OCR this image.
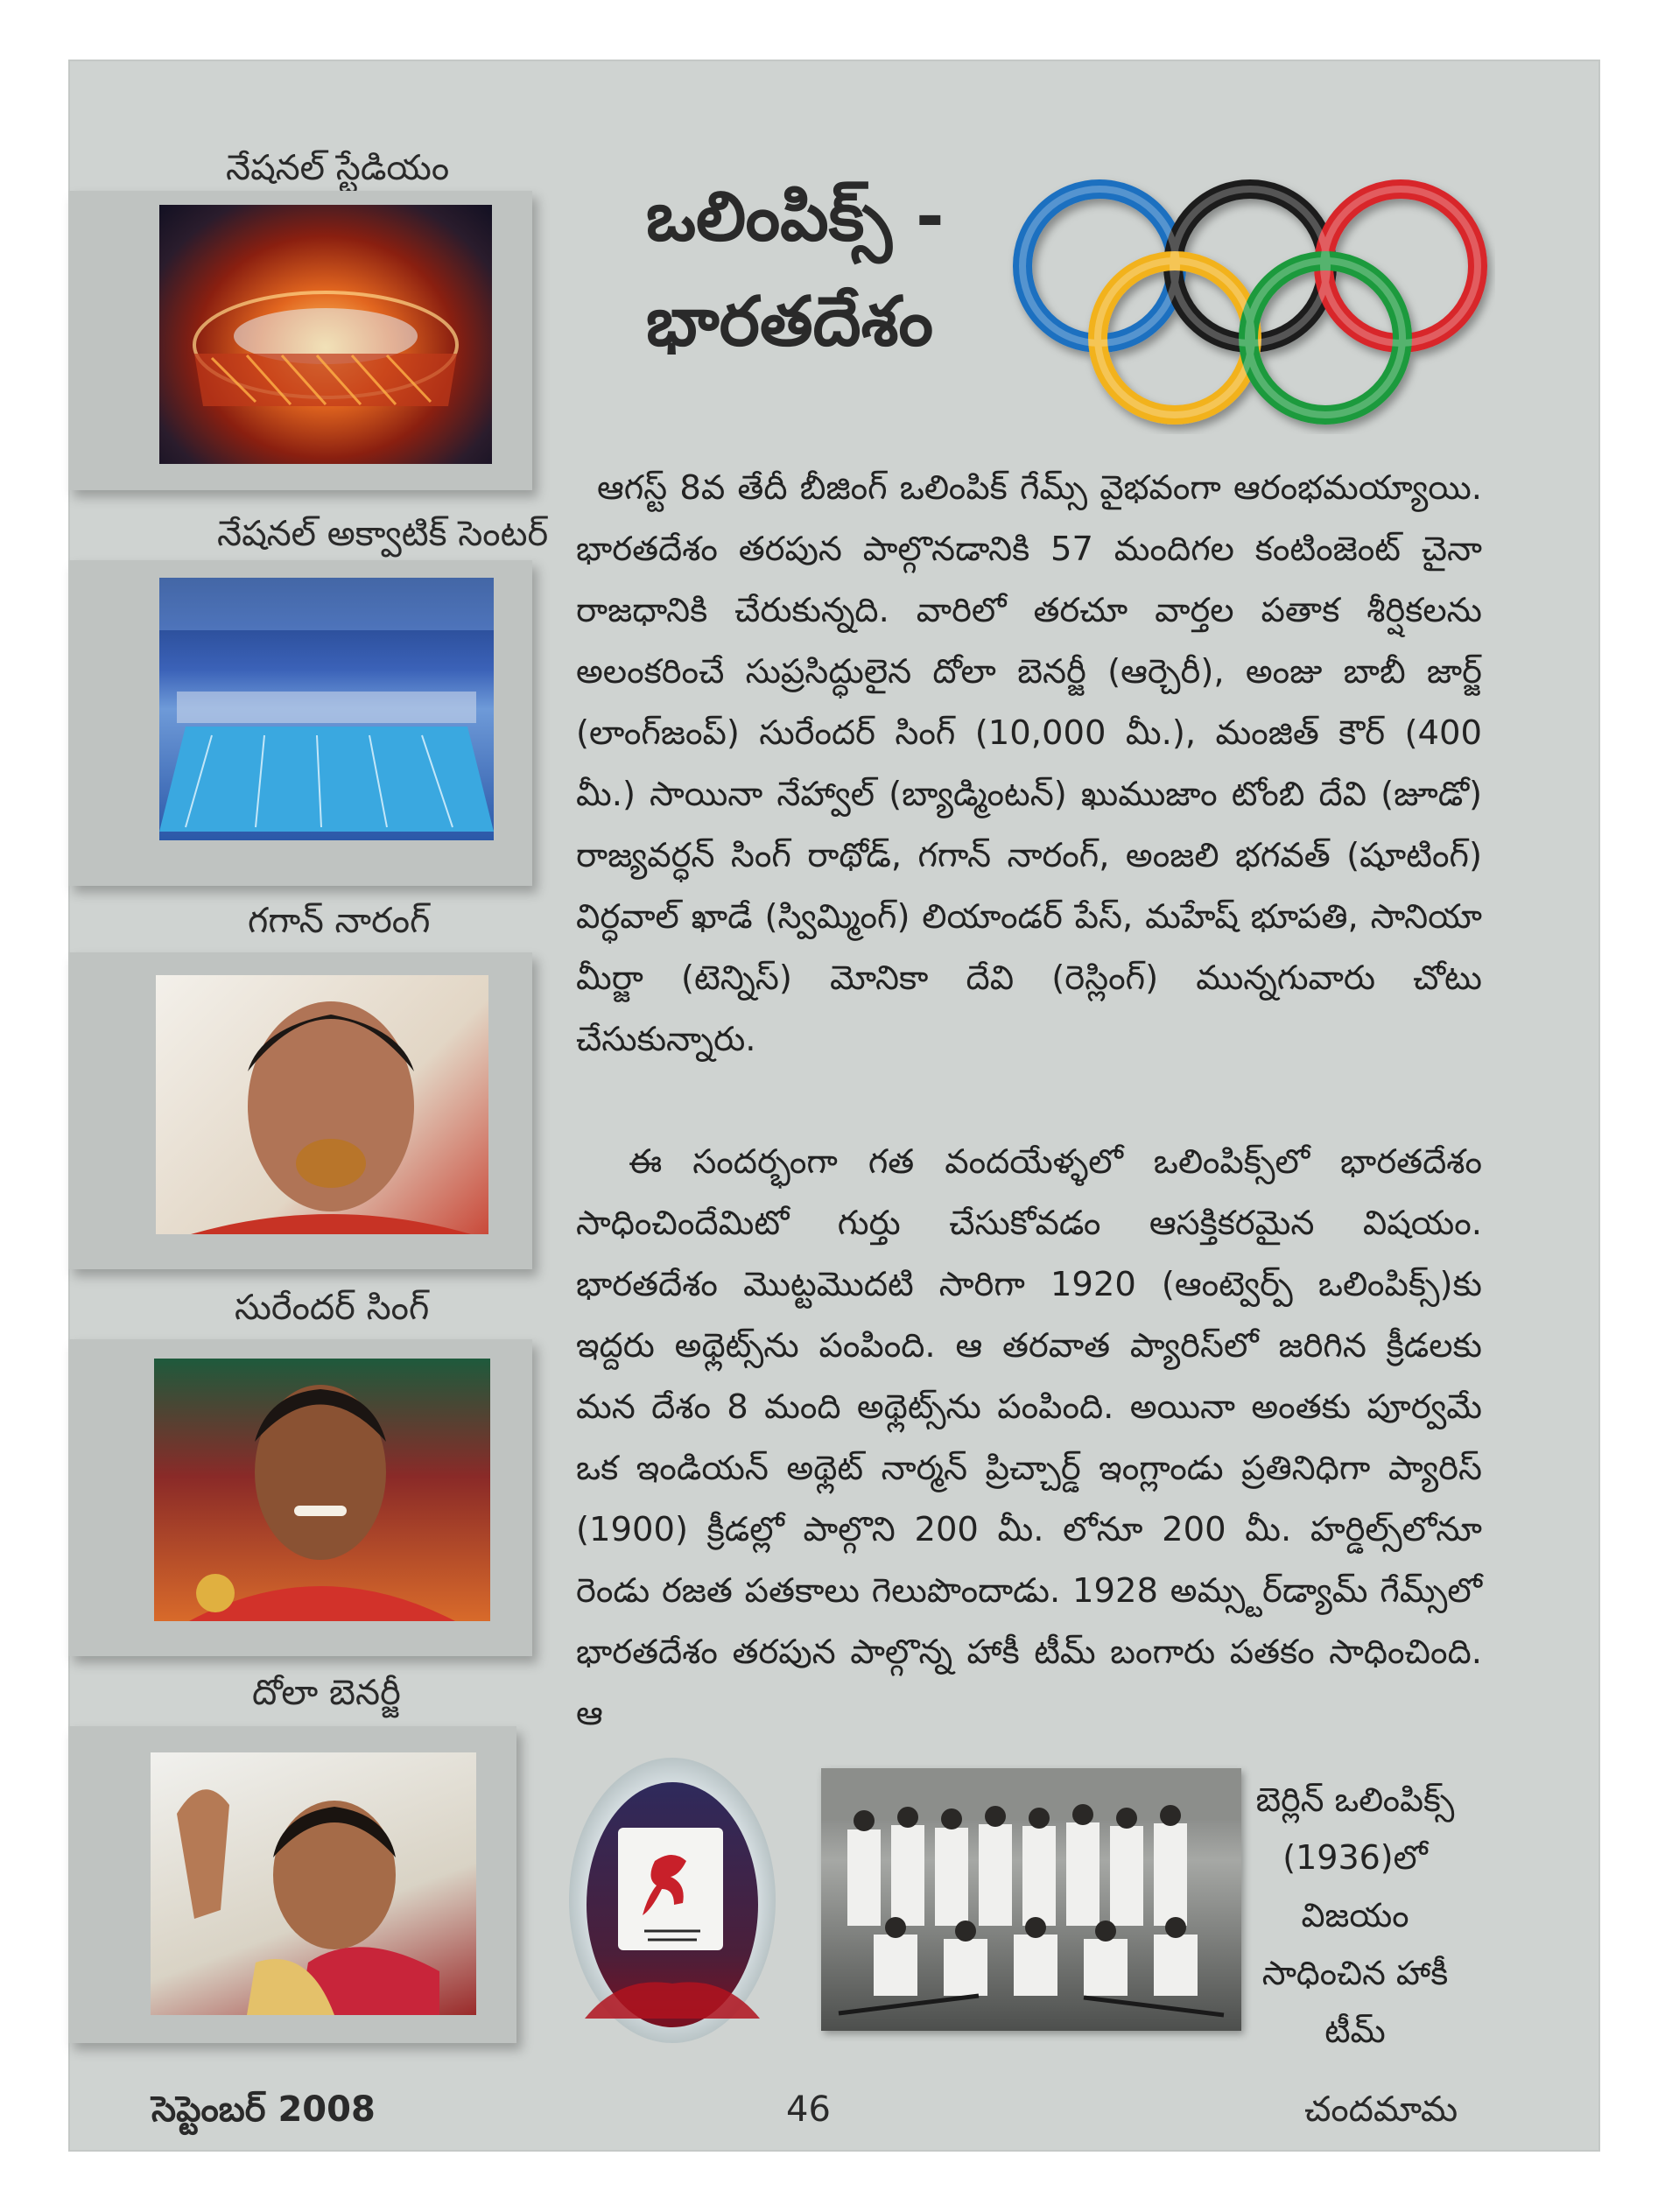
నేషనల్ స్టేడియం
నేషనల్ అక్వాటిక్ సెంటర్
గగాన్ నారంగ్
సురేందర్ సింగ్
దోలా బెనర్జీ
ఒలింపిక్స్ -
భారతదేశం
ఆగస్ట్ 8వ తేదీ బీజింగ్ ఒలింపిక్ గేమ్స్ వైభవంగా ఆరంభమయ్యాయి. భారతదేశం తరపున పాల్గొనడానికి 57 మందిగల కంటింజెంట్ చైనా రాజధానికి చేరుకున్నది. వారిలో తరచూ వార్తల పతాక శీర్షికలను అలంకరించే సుప్రసిద్ధులైన దోలా బెనర్జీ (ఆర్చెరీ), అంజు బాబీ జార్జ్ (లాంగ్‌జంప్) సురేందర్ సింగ్ (10,000 మీ.), మంజిత్ కౌర్ (400 మీ.) సాయినా నేహ్వాల్ (బ్యాడ్మింటన్) ఖుముజాం టోంబి దేవి (జూడో) రాజ్యవర్ధన్ సింగ్ రాథోడ్, గగాన్ నారంగ్, అంజలి భగవత్ (షూటింగ్) విర్ధవాల్ ఖాడే (స్విమ్మింగ్) లియాండర్ పేస్, మహేష్ భూపతి, సానియా మీర్జా (టెన్నిస్) మోనికా దేవి (రెస్లింగ్) మున్నగువారు చోటు చేసుకున్నారు.
ఈ సందర్భంగా గత వందయేళ్ళలో ఒలింపిక్స్‌లో భారతదేశం సాధించిందేమిటో గుర్తు చేసుకోవడం ఆసక్తికరమైన విషయం. భారతదేశం మొట్టమొదటి సారిగా 1920 (ఆంట్వెర్ప్ ఒలింపిక్స్)కు ఇద్దరు అథ్లెట్స్‌ను పంపింది. ఆ తరవాత ప్యారిస్‌లో జరిగిన క్రీడలకు మన దేశం 8 మంది అథ్లెట్స్‌ను పంపింది. అయినా అంతకు పూర్వమే ఒక ఇండియన్ అథ్లెట్ నార్మన్ ప్రిచ్చార్డ్ ఇంగ్లాండు ప్రతినిధిగా ప్యారిస్ (1900) క్రీడల్లో పాల్గొని 200 మీ. లోనూ 200 మీ. హర్డిల్స్‌లోనూ రెండు రజత పతకాలు గెలుపొందాడు. 1928 అమ్స్టర్‌డ్యామ్ గేమ్స్‌లో భారతదేశం తరపున పాల్గొన్న హాకీ టీమ్ బంగారు పతకం సాధించింది. ఆ
బెర్లిన్ ఒలింపిక్స్
(1936)లో
విజయం
సాధించిన హాకీ
టీమ్
సెప్టెంబర్ 2008	46	చందమామ
